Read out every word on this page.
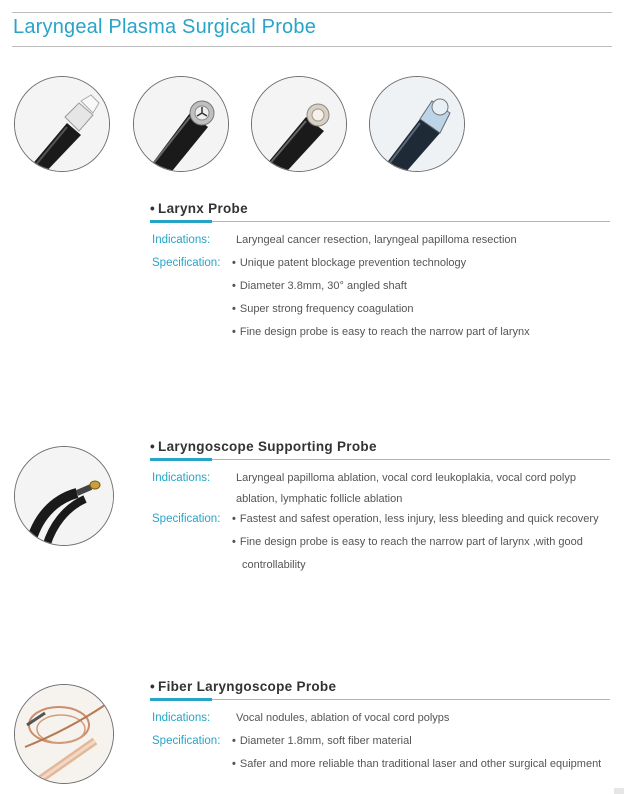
Laryngeal Plasma Surgical Probe
• Larynx Probe
Indications: Laryngeal cancer resection, laryngeal papilloma resection
Specification: • Unique patent blockage prevention technology
• Diameter 3.8mm, 30° angled shaft
• Super strong frequency coagulation
• Fine design probe is easy to reach the narrow part of larynx
• Laryngoscope Supporting Probe
Indications: Laryngeal papilloma ablation, vocal cord leukoplakia, vocal cord polyp
ablation, lymphatic follicle ablation
Specification: • Fastest and safest operation, less injury, less bleeding and quick recovery
• Fine design probe is easy to reach the narrow part of larynx ,with good
controllability
• Fiber Laryngoscope Probe
Indications: Vocal nodules, ablation of vocal cord polyps
Specification: • Diameter 1.8mm, soft fiber material
• Safer and more reliable than traditional laser and other surgical equipment
